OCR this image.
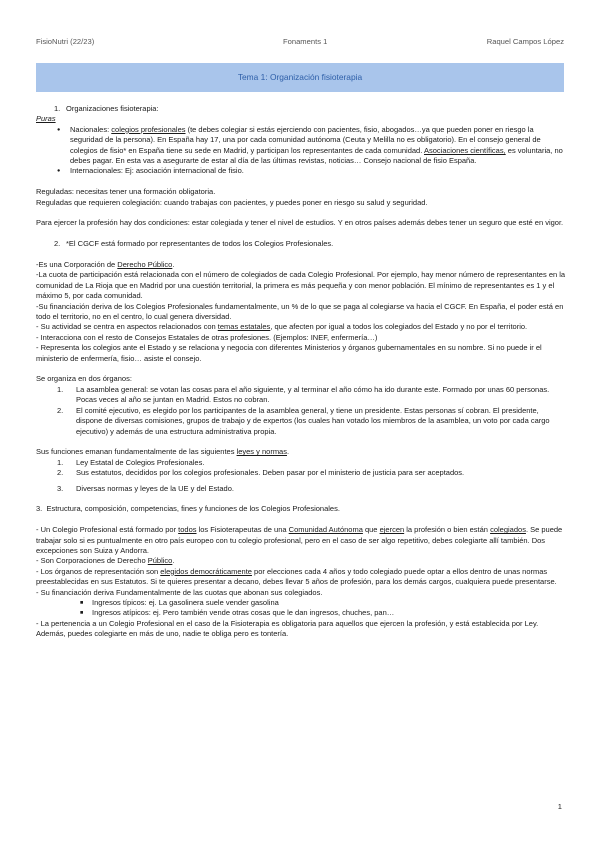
FisioNutri (22/23)	Fonaments 1	Raquel Campos López
Tema 1: Organización fisioterapia

1. Organizaciones fisioterapia:

Puras

● Nacionales: colegios profesionales (te debes colegiar si estás ejerciendo con pacientes, fisio, abogados…ya que pueden poner en riesgo la seguridad de la persona). En España hay 17, una por cada comunidad autónoma (Ceuta y Melilla no es obligatorio). En el consejo general de colegios de fisio* en España tiene su sede en Madrid, y participan los representantes de cada comunidad. Asociaciones científicas, es voluntaria, no debes pagar. En esta vas a asegurarte de estar al día de las últimas revistas, noticias… Consejo nacional de fisio España.

● Internacionales: Ej: asociación internacional de fisio.

Reguladas: necesitas tener una formación obligatoria.

Reguladas que requieren colegiación: cuando trabajas con pacientes, y puedes poner en riesgo su salud y seguridad.

Para ejercer la profesión hay dos condiciones: estar colegiada y tener el nivel de estudios. Y en otros países además debes tener un seguro que esté en vigor.

2. *El CGCF está formado por representantes de todos los Colegios Profesionales.

-Es una Corporación de Derecho Público.

-La cuota de participación está relacionada con el número de colegiados de cada Colegio Profesional. Por ejemplo, hay menor número de representantes en la comunidad de La Rioja que en Madrid por una cuestión territorial, la primera es más pequeña y con menor población. El mínimo de representantes es 1 y el máximo 5, por cada comunidad.

-Su financiación deriva de los Colegios Profesionales fundamentalmente, un % de lo que se paga al colegiarse va hacia el CGCF. En España, el poder está en todo el territorio, no en el centro, lo cual genera diversidad.

- Su actividad se centra en aspectos relacionados con temas estatales, que afecten por igual a todos los colegiados del Estado y no por el territorio.

- Interacciona con el resto de Consejos Estatales de otras profesiones. (Ejemplos: INEF, enfermería…)

- Representa los colegios ante el Estado y se relaciona y negocia con diferentes Ministerios y órganos gubernamentales en su nombre. Si no puede ir el ministerio de enfermería, fisio… asiste el consejo.

Se organiza en dos órganos:

1. La asamblea general: se votan las cosas para el año siguiente, y al terminar el año cómo ha ido durante este. Formado por unas 60 personas. Pocas veces al año se juntan en Madrid. Estos no cobran.

2. El comité ejecutivo, es elegido por los participantes de la asamblea general, y tiene un presidente. Estas personas sí cobran. El presidente, dispone de diversas comisiones, grupos de trabajo y de expertos (los cuales han votado los miembros de la asamblea, un voto por cada cargo ejecutivo) y además de una estructura administrativa propia.

Sus funciones emanan fundamentalmente de las siguientes leyes y normas.

1. Ley Estatal de Colegios Profesionales.

2. Sus estatutos, decididos por los colegios profesionales. Deben pasar por el ministerio de justicia para ser aceptados.

3. Diversas normas y leyes de la UE y del Estado.

3. Estructura, composición, competencias, fines y funciones de los Colegios Profesionales.

- Un Colegio Profesional está formado por todos los Fisioterapeutas de una Comunidad Autónoma que ejercen la profesión o bien están colegiados. Se puede trabajar solo si es puntualmente en otro país europeo con tu colegio profesional, pero en el caso de ser algo repetitivo, debes colegiarte allí también. Dos excepciones son Suiza y Andorra.

- Son Corporaciones de Derecho Público.

- Los órganos de representación son elegidos democráticamente por elecciones cada 4 años y todo colegiado puede optar a ellos dentro de unas normas preestablecidas en sus Estatutos. Si te quieres presentar a decano, debes llevar 5 años de profesión, para los demás cargos, cualquiera puede presentarse.

- Su financiación deriva Fundamentalmente de las cuotas que abonan sus colegiados.

■ Ingresos típicos: ej. La gasolinera suele vender gasolina

■ Ingresos atípicos: ej. Pero también vende otras cosas que le dan ingresos, chuches, pan…

- La pertenencia a un Colegio Profesional en el caso de la Fisioterapia es obligatoria para aquellos que ejercen la profesión, y está establecida por Ley. Además, puedes colegiarte en más de uno, nadie te obliga pero es tontería.

1
